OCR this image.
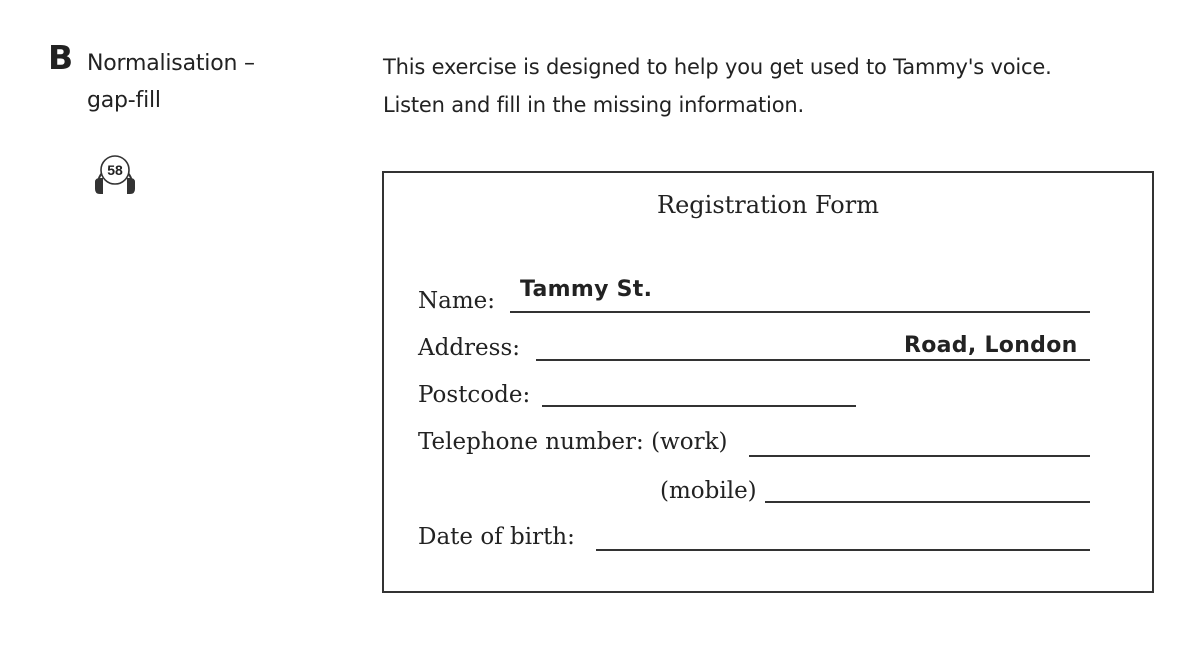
B Normalisation –
gap-fill
58
This exercise is designed to help you get used to Tammy's voice.
Listen and fill in the missing information.
Registration Form
Name: Tammy St.
Address:	Road, London
Postcode:
Telephone number: (work)
(mobile)
Date of birth:
